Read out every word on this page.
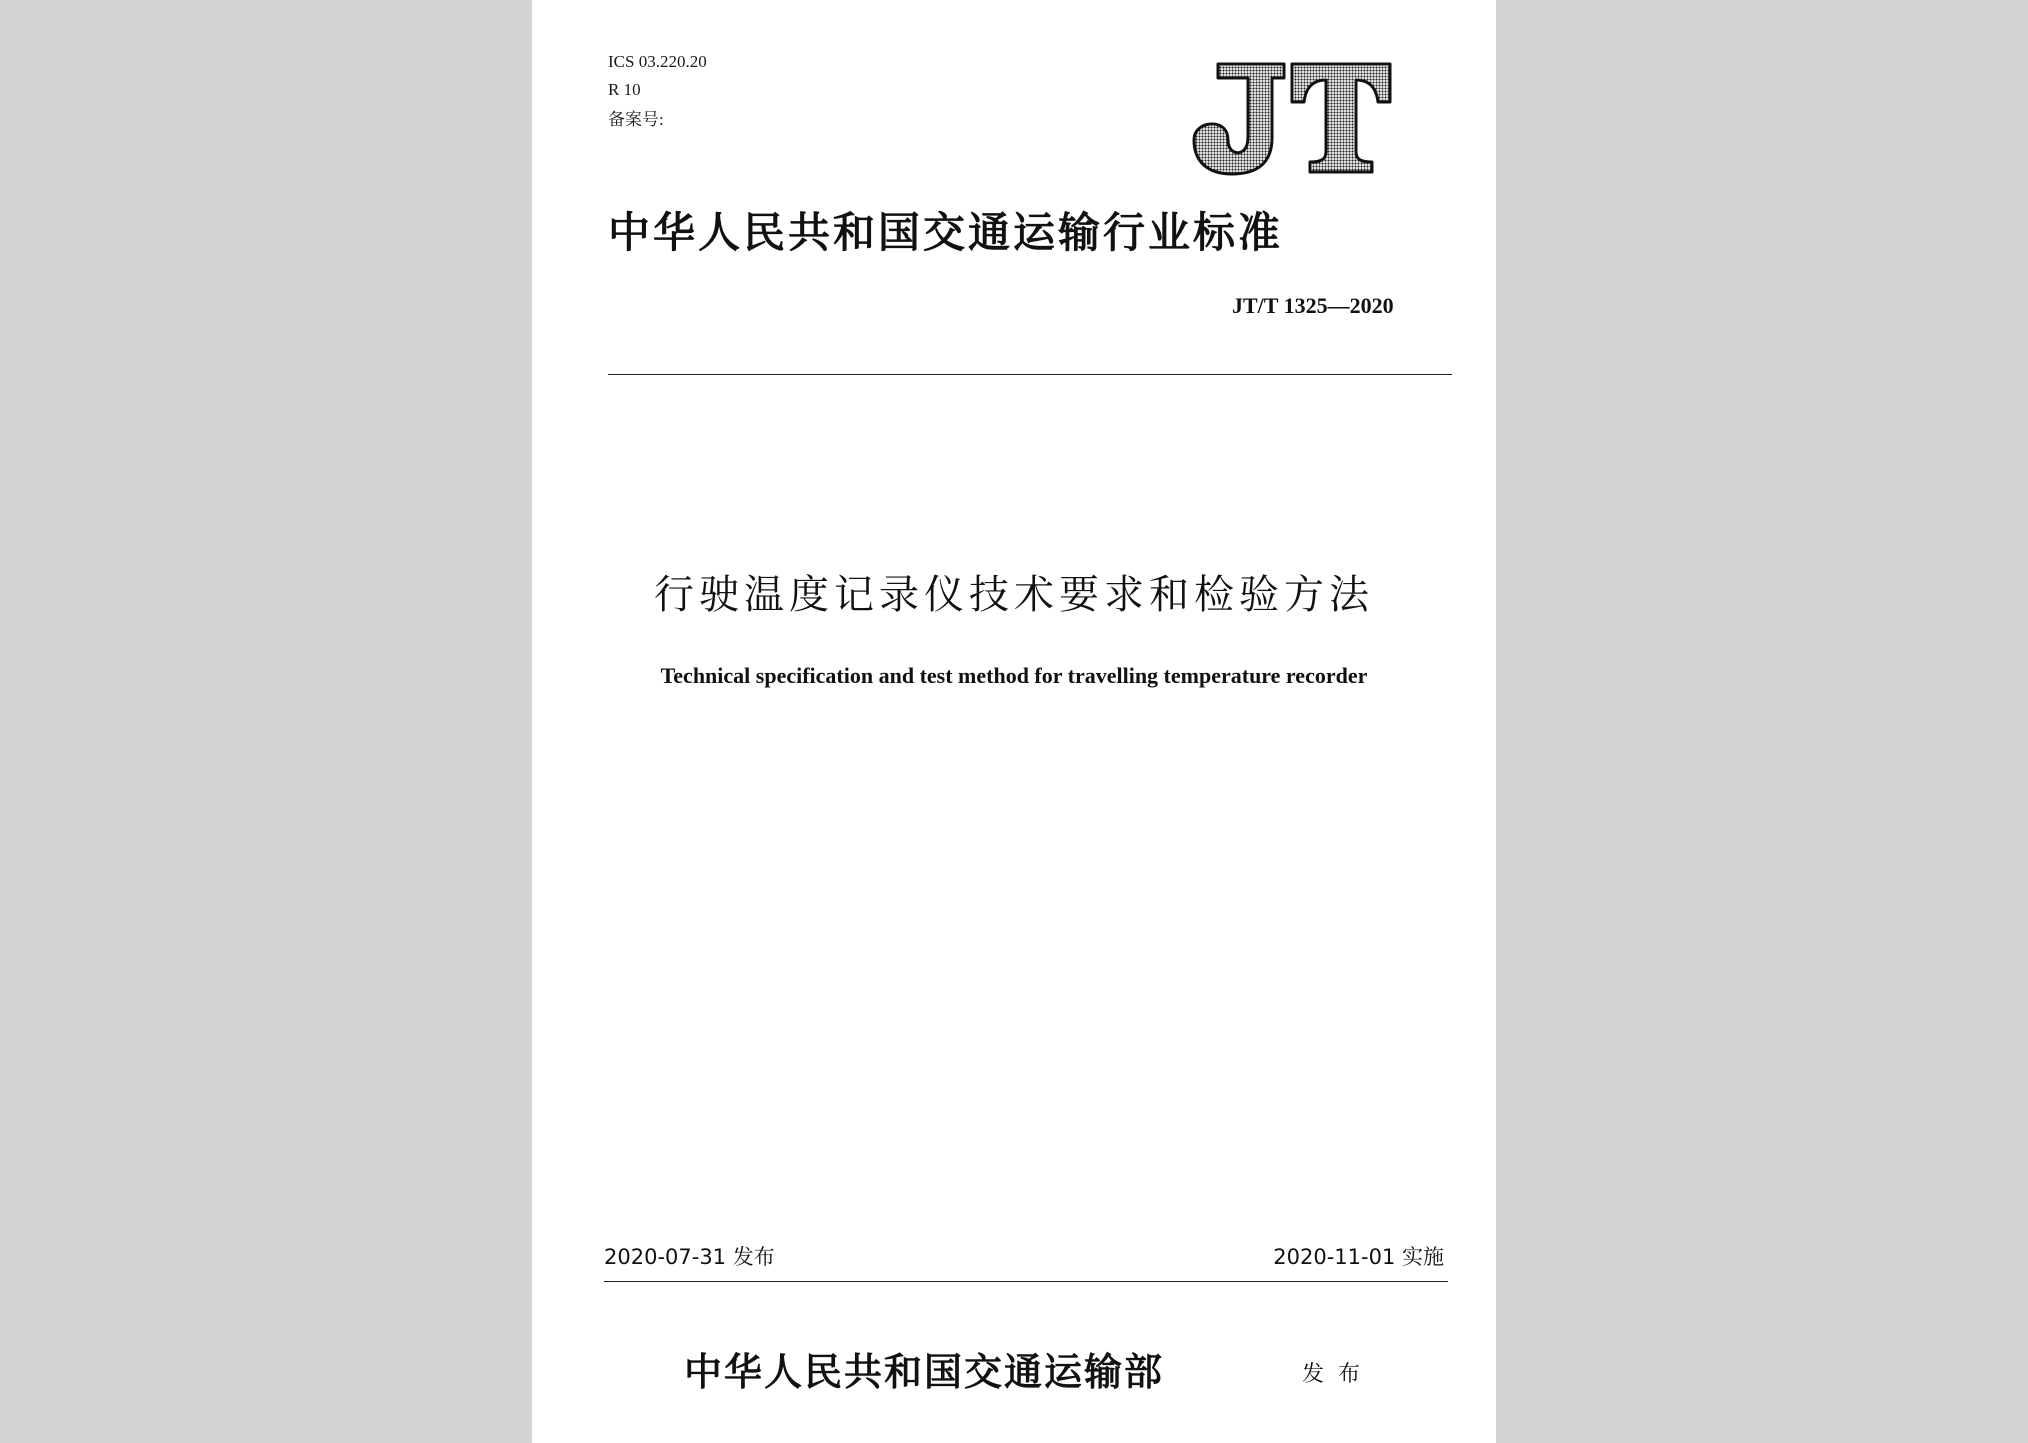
ICS 03.220.20
R 10
备案号:
中华人民共和国交通运输行业标准
JT/T 1325—2020
行驶温度记录仪技术要求和检验方法
Technical specification and test method for travelling temperature recorder
2020-07-31 发布	2020-11-01 实施
中华人民共和国交通运输部	发布
